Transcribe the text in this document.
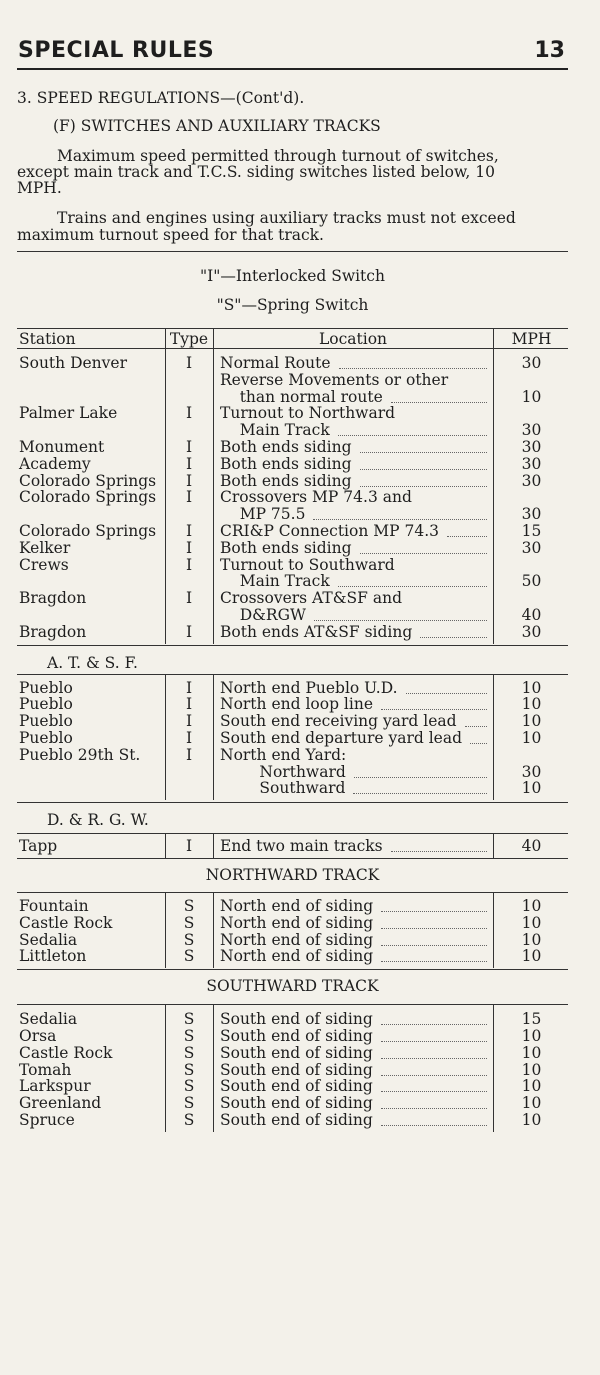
SPECIAL RULES	13
3. SPEED REGULATIONS—(Cont'd).
(F) SWITCHES AND AUXILIARY TRACKS
Maximum speed permitted through turnout of switches,
except main track and T.C.S. siding switches listed below, 10
MPH.
Trains and engines using auxiliary tracks must not exceed
maximum turnout speed for that track.
"I"—Interlocked Switch
"S"—Spring Switch
Station	Type	Location	MPH
South Denver	I	Normal Route	30
Reverse Movements or other
than normal route	10
Palmer Lake	I	Turnout to Northward
Main Track	30
Monument	I	Both ends siding	30
Academy	I	Both ends siding	30
Colorado Springs	I	Both ends siding	30
Colorado Springs	I	Crossovers MP 74.3 and
MP 75.5	30
Colorado Springs	I	CRI&P Connection MP 74.3	15
Kelker	I	Both ends siding	30
Crews	I	Turnout to Southward
Main Track	50
Bragdon	I	Crossovers AT&SF and
D&RGW	40
Bragdon	I	Both ends AT&SF siding	30
A. T. & S. F.
Pueblo	I	North end Pueblo U.D.	10
Pueblo	I	North end loop line	10
Pueblo	I	South end receiving yard lead	10
Pueblo	I	South end departure yard lead	10
Pueblo 29th St.	I	North end Yard:
Northward	30
Southward	10
D. & R. G. W.
Tapp	I	End two main tracks	40
NORTHWARD TRACK
Fountain	S	North end of siding	10
Castle Rock	S	North end of siding	10
Sedalia	S	North end of siding	10
Littleton	S	North end of siding	10
SOUTHWARD TRACK
Sedalia	S	South end of siding	15
Orsa	S	South end of siding	10
Castle Rock	S	South end of siding	10
Tomah	S	South end of siding	10
Larkspur	S	South end of siding	10
Greenland	S	South end of siding	10
Spruce	S	South end of siding	10
